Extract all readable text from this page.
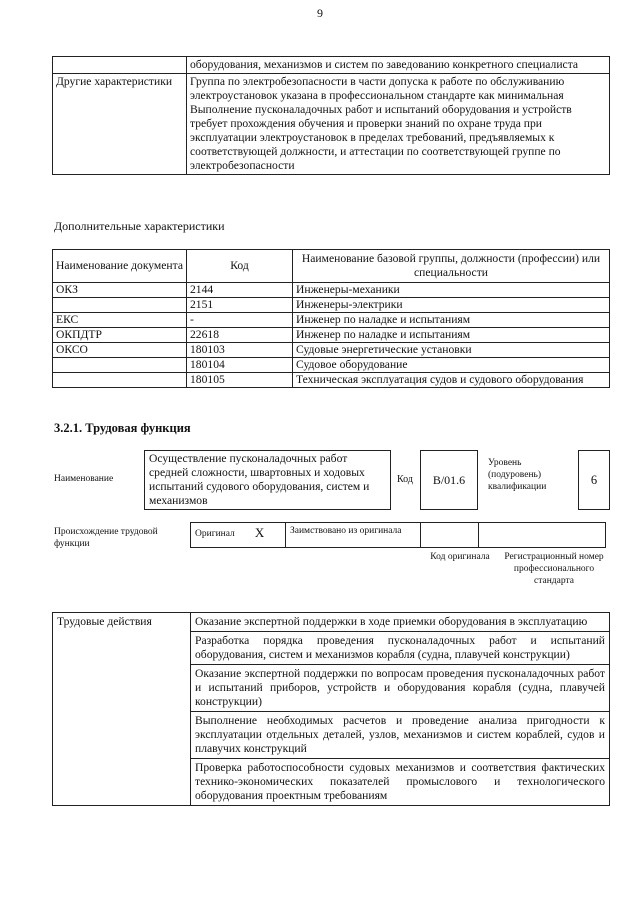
9
	оборудования, механизмов и систем по заведованию конкретного специалиста
Другие характеристики	Группа по электробезопасности в части допуска к работе по обслуживанию электроустановок указана в профессиональном стандарте как минимальная
Выполнение пусконаладочных работ и испытаний оборудования и устройств требует прохождения обучения и проверки знаний по охране труда при эксплуатации электроустановок в пределах требований, предъявляемых к соответствующей должности, и аттестации по соответствующей группе по электробезопасности
Дополнительные характеристики
Наименование документа	Код	Наименование базовой группы, должности (профессии) или специальности
ОКЗ	2144	Инженеры-механики
	2151	Инженеры-электрики
ЕКС	-	Инженер по наладке и испытаниям
ОКПДТР	22618	Инженер по наладке и испытаниям
ОКСО	180103	Судовые энергетические установки
	180104	Судовое оборудование
	180105	Техническая эксплуатация судов и судового оборудования
3.2.1. Трудовая функция
Наименование
Осуществление пусконаладочных работ средней сложности, швартовных и ходовых испытаний судового оборудования, систем и механизмов
Код	B/01.6
Уровень (подуровень) квалификации
6
Происхождение трудовой функции
Оригинал X	Заимствовано из оригинала		
Код оригинала	Регистрационный номер профессионального стандарта
Трудовые действия	Оказание экспертной поддержки в ходе приемки оборудования в эксплуатацию
Разработка порядка проведения пусконаладочных работ и испытаний оборудования, систем и механизмов корабля (судна, плавучей конструкции)
Оказание экспертной поддержки по вопросам проведения пусконаладочных работ и испытаний приборов, устройств и оборудования корабля (судна, плавучей конструкции)
Выполнение необходимых расчетов и проведение анализа пригодности к эксплуатации отдельных деталей, узлов, механизмов и систем кораблей, судов и плавучих конструкций
Проверка работоспособности судовых механизмов и соответствия фактических технико-экономических показателей промыслового и технологического оборудования проектным требованиям
